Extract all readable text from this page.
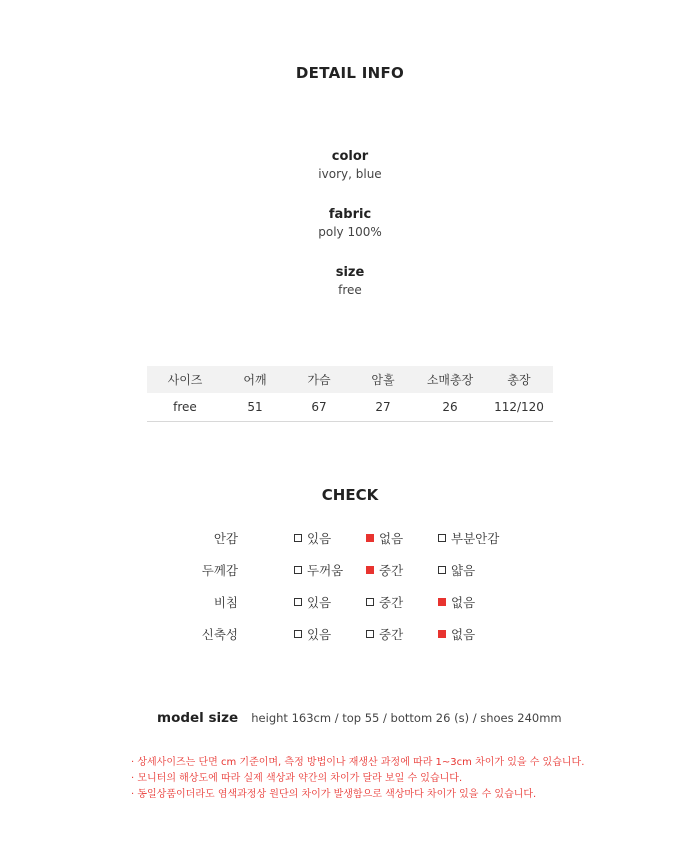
DETAIL INFO
color
ivory, blue
fabric
poly 100%
size
free
사이즈	어깨	가슴	암홀	소매총장	총장
free	51	67	27	26	112/120
CHECK
안감	있음	없음	부분안감
두께감	두꺼움	중간	얇음
비침	있음	중간	없음
신축성	있음	중간	없음
model size height 163cm / top 55 / bottom 26 (s) / shoes 240mm
· 상세사이즈는 단면 cm 기준이며, 측정 방법이나 재생산 과정에 따라 1~3cm 차이가 있을 수 있습니다.
· 모니터의 해상도에 따라 실제 색상과 약간의 차이가 달라 보일 수 있습니다.
· 동일상품이더라도 염색과정상 원단의 차이가 발생함으로 색상마다 차이가 있을 수 있습니다.
